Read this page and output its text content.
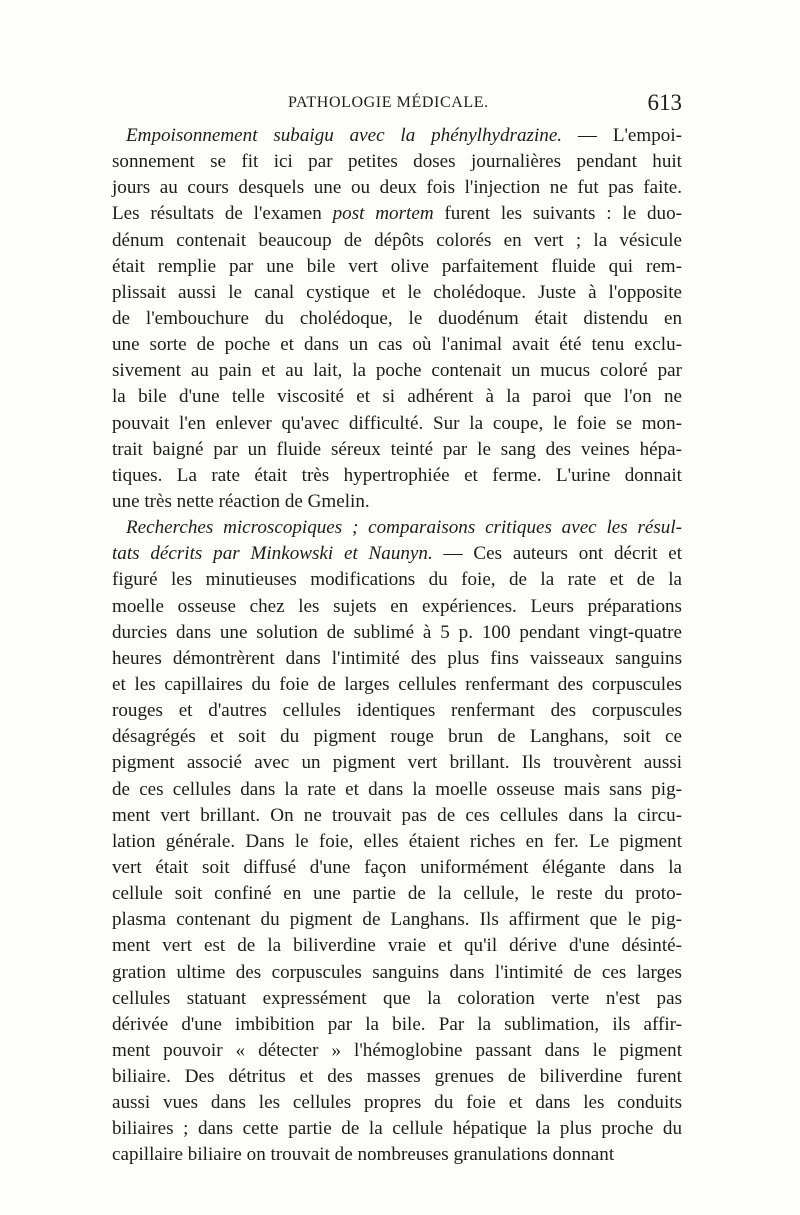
PATHOLOGIE MÉDICALE.	613
Empoisonnement subaigu avec la phénylhydrazine. — L'empoi-
sonnement se fit ici par petites doses journalières pendant huit
jours au cours desquels une ou deux fois l'injection ne fut pas faite.
Les résultats de l'examen post mortem furent les suivants : le duo-
dénum contenait beaucoup de dépôts colorés en vert ; la vésicule
était remplie par une bile vert olive parfaitement fluide qui rem-
plissait aussi le canal cystique et le cholédoque. Juste à l'opposite
de l'embouchure du cholédoque, le duodénum était distendu en
une sorte de poche et dans un cas où l'animal avait été tenu exclu-
sivement au pain et au lait, la poche contenait un mucus coloré par
la bile d'une telle viscosité et si adhérent à la paroi que l'on ne
pouvait l'en enlever qu'avec difficulté. Sur la coupe, le foie se mon-
trait baigné par un fluide séreux teinté par le sang des veines hépa-
tiques. La rate était très hypertrophiée et ferme. L'urine donnait
une très nette réaction de Gmelin.
Recherches microscopiques ; comparaisons critiques avec les résul-
tats décrits par Minkowski et Naunyn. — Ces auteurs ont décrit et
figuré les minutieuses modifications du foie, de la rate et de la
moelle osseuse chez les sujets en expériences. Leurs préparations
durcies dans une solution de sublimé à 5 p. 100 pendant vingt-quatre
heures démontrèrent dans l'intimité des plus fins vaisseaux sanguins
et les capillaires du foie de larges cellules renfermant des corpuscules
rouges et d'autres cellules identiques renfermant des corpuscules
désagrégés et soit du pigment rouge brun de Langhans, soit ce
pigment associé avec un pigment vert brillant. Ils trouvèrent aussi
de ces cellules dans la rate et dans la moelle osseuse mais sans pig-
ment vert brillant. On ne trouvait pas de ces cellules dans la circu-
lation générale. Dans le foie, elles étaient riches en fer. Le pigment
vert était soit diffusé d'une façon uniformément élégante dans la
cellule soit confiné en une partie de la cellule, le reste du proto-
plasma contenant du pigment de Langhans. Ils affirment que le pig-
ment vert est de la biliverdine vraie et qu'il dérive d'une désinté-
gration ultime des corpuscules sanguins dans l'intimité de ces larges
cellules statuant expressément que la coloration verte n'est pas
dérivée d'une imbibition par la bile. Par la sublimation, ils affir-
ment pouvoir « détecter » l'hémoglobine passant dans le pigment
biliaire. Des détritus et des masses grenues de biliverdine furent
aussi vues dans les cellules propres du foie et dans les conduits
biliaires ; dans cette partie de la cellule hépatique la plus proche du
capillaire biliaire on trouvait de nombreuses granulations donnant
